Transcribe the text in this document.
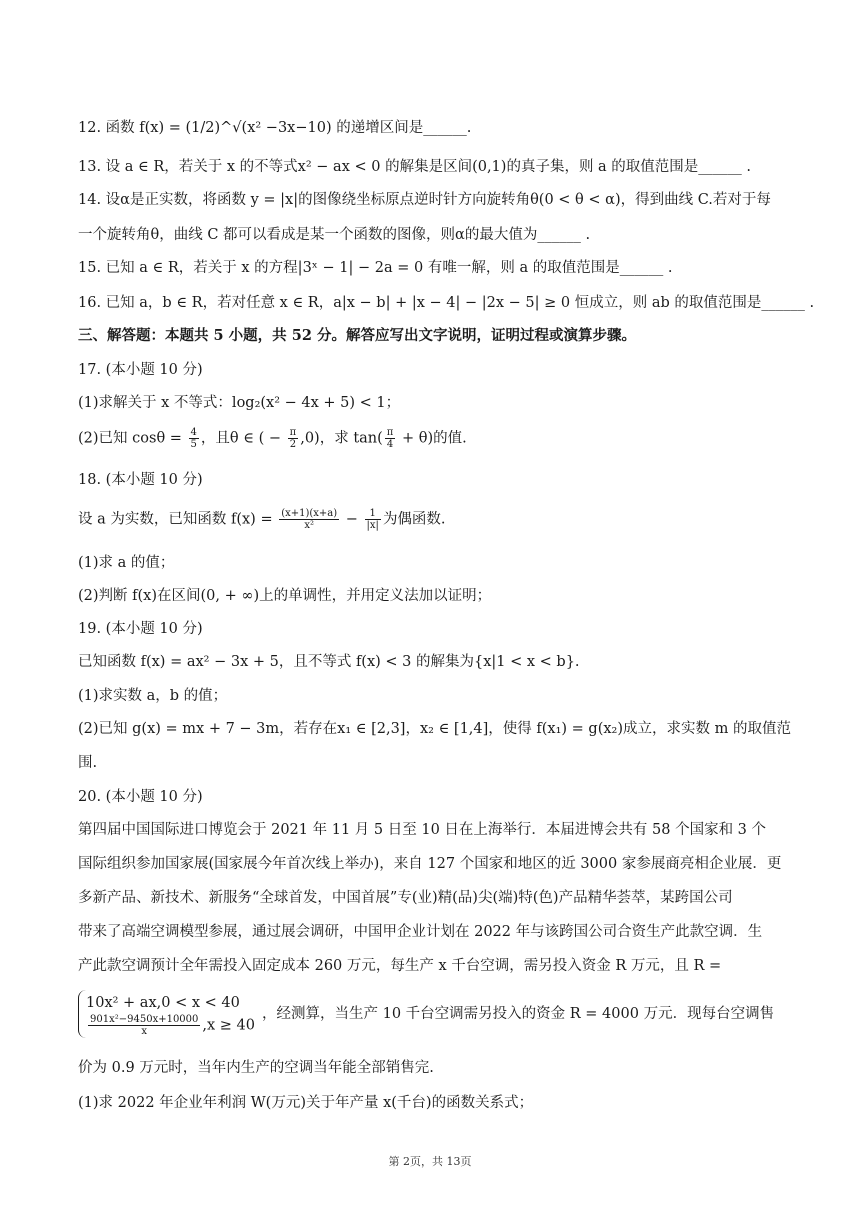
12. 函数 f(x) = (1/2)^√(x² −3x−10) 的递增区间是______.
13. 设 a ∈ R，若关于 x 的不等式x² − ax < 0 的解集是区间(0,1)的真子集，则 a 的取值范围是______ .
14. 设α是正实数，将函数 y = |x|的图像绕坐标原点逆时针方向旋转角θ(0 < θ < α)，得到曲线 C.若对于每
一个旋转角θ，曲线 C 都可以看成是某一个函数的图像，则α的最大值为______ .
15. 已知 a ∈ R，若关于 x 的方程|3ˣ − 1| − 2a = 0 有唯一解，则 a 的取值范围是______ .
16. 已知 a，b ∈ R，若对任意 x ∈ R，a|x − b| + |x − 4| − |2x − 5| ≥ 0 恒成立，则 ab 的取值范围是______ .
三、解答题：本题共 5 小题，共 52 分。解答应写出文字说明，证明过程或演算步骤。
17. (本小题 10 分)
(1)求解关于 x 不等式：log₂(x² − 4x + 5) < 1；
(2)已知 $\cos\theta = \frac{4}{5}$ ，且θ ∈ ( − $\frac{\pi}{2} ,0$)，求 $\tan( \frac{\pi}{4} + \theta)$的值.
18. (本小题 10 分)
设 a 为实数，已知函数 $f(x) = \frac{(x+1)(x+a)}{\text{x²}} - \frac{1}{|x|}$ 为偶函数.
(1)求 a 的值；
(2)判断 f(x)在区间(0, + ∞)上的单调性，并用定义法加以证明；
19. (本小题 10 分)
已知函数 f(x) = ax² − 3x + 5，且不等式 f(x) < 3 的解集为{x|1 < x < b}.
(1)求实数 a，b 的值；
(2)已知 g(x) = mx + 7 − 3m，若存在x₁ ∈ [2,3]，x₂ ∈ [1,4]，使得 f(x₁) = g(x₂)成立，求实数 m 的取值范
围.
20. (本小题 10 分)
第四届中国国际进口博览会于 2021 年 11 月 5 日至 10 日在上海举行．本届进博会共有 58 个国家和 3 个
国际组织参加国家展(国家展今年首次线上举办)，来自 127 个国家和地区的近 3000 家参展商亮相企业展．更
多新产品、新技术、新服务“全球首发，中国首展”专(业)精(品)尖(端)特(色)产品精华荟萃，某跨国公司
带来了高端空调模型参展，通过展会调研，中国甲企业计划在 2022 年与该跨国公司合资生产此款空调．生
产此款空调预计全年需投入固定成本 260 万元，每生产 x 千台空调，需另投入资金 R 万元，且 R =
10x² + ax,0 < x < 40
$\frac{\text{901x²−9450x+10000}}{x} ,x \ge 40$
，经测算，当生产 10 千台空调需另投入的资金 R = 4000 万元．现每台空调售
价为 0.9 万元时，当年内生产的空调当年能全部销售完.
(1)求 2022 年企业年利润 W(万元)关于年产量 x(千台)的函数关系式；
第 2页，共 13页
